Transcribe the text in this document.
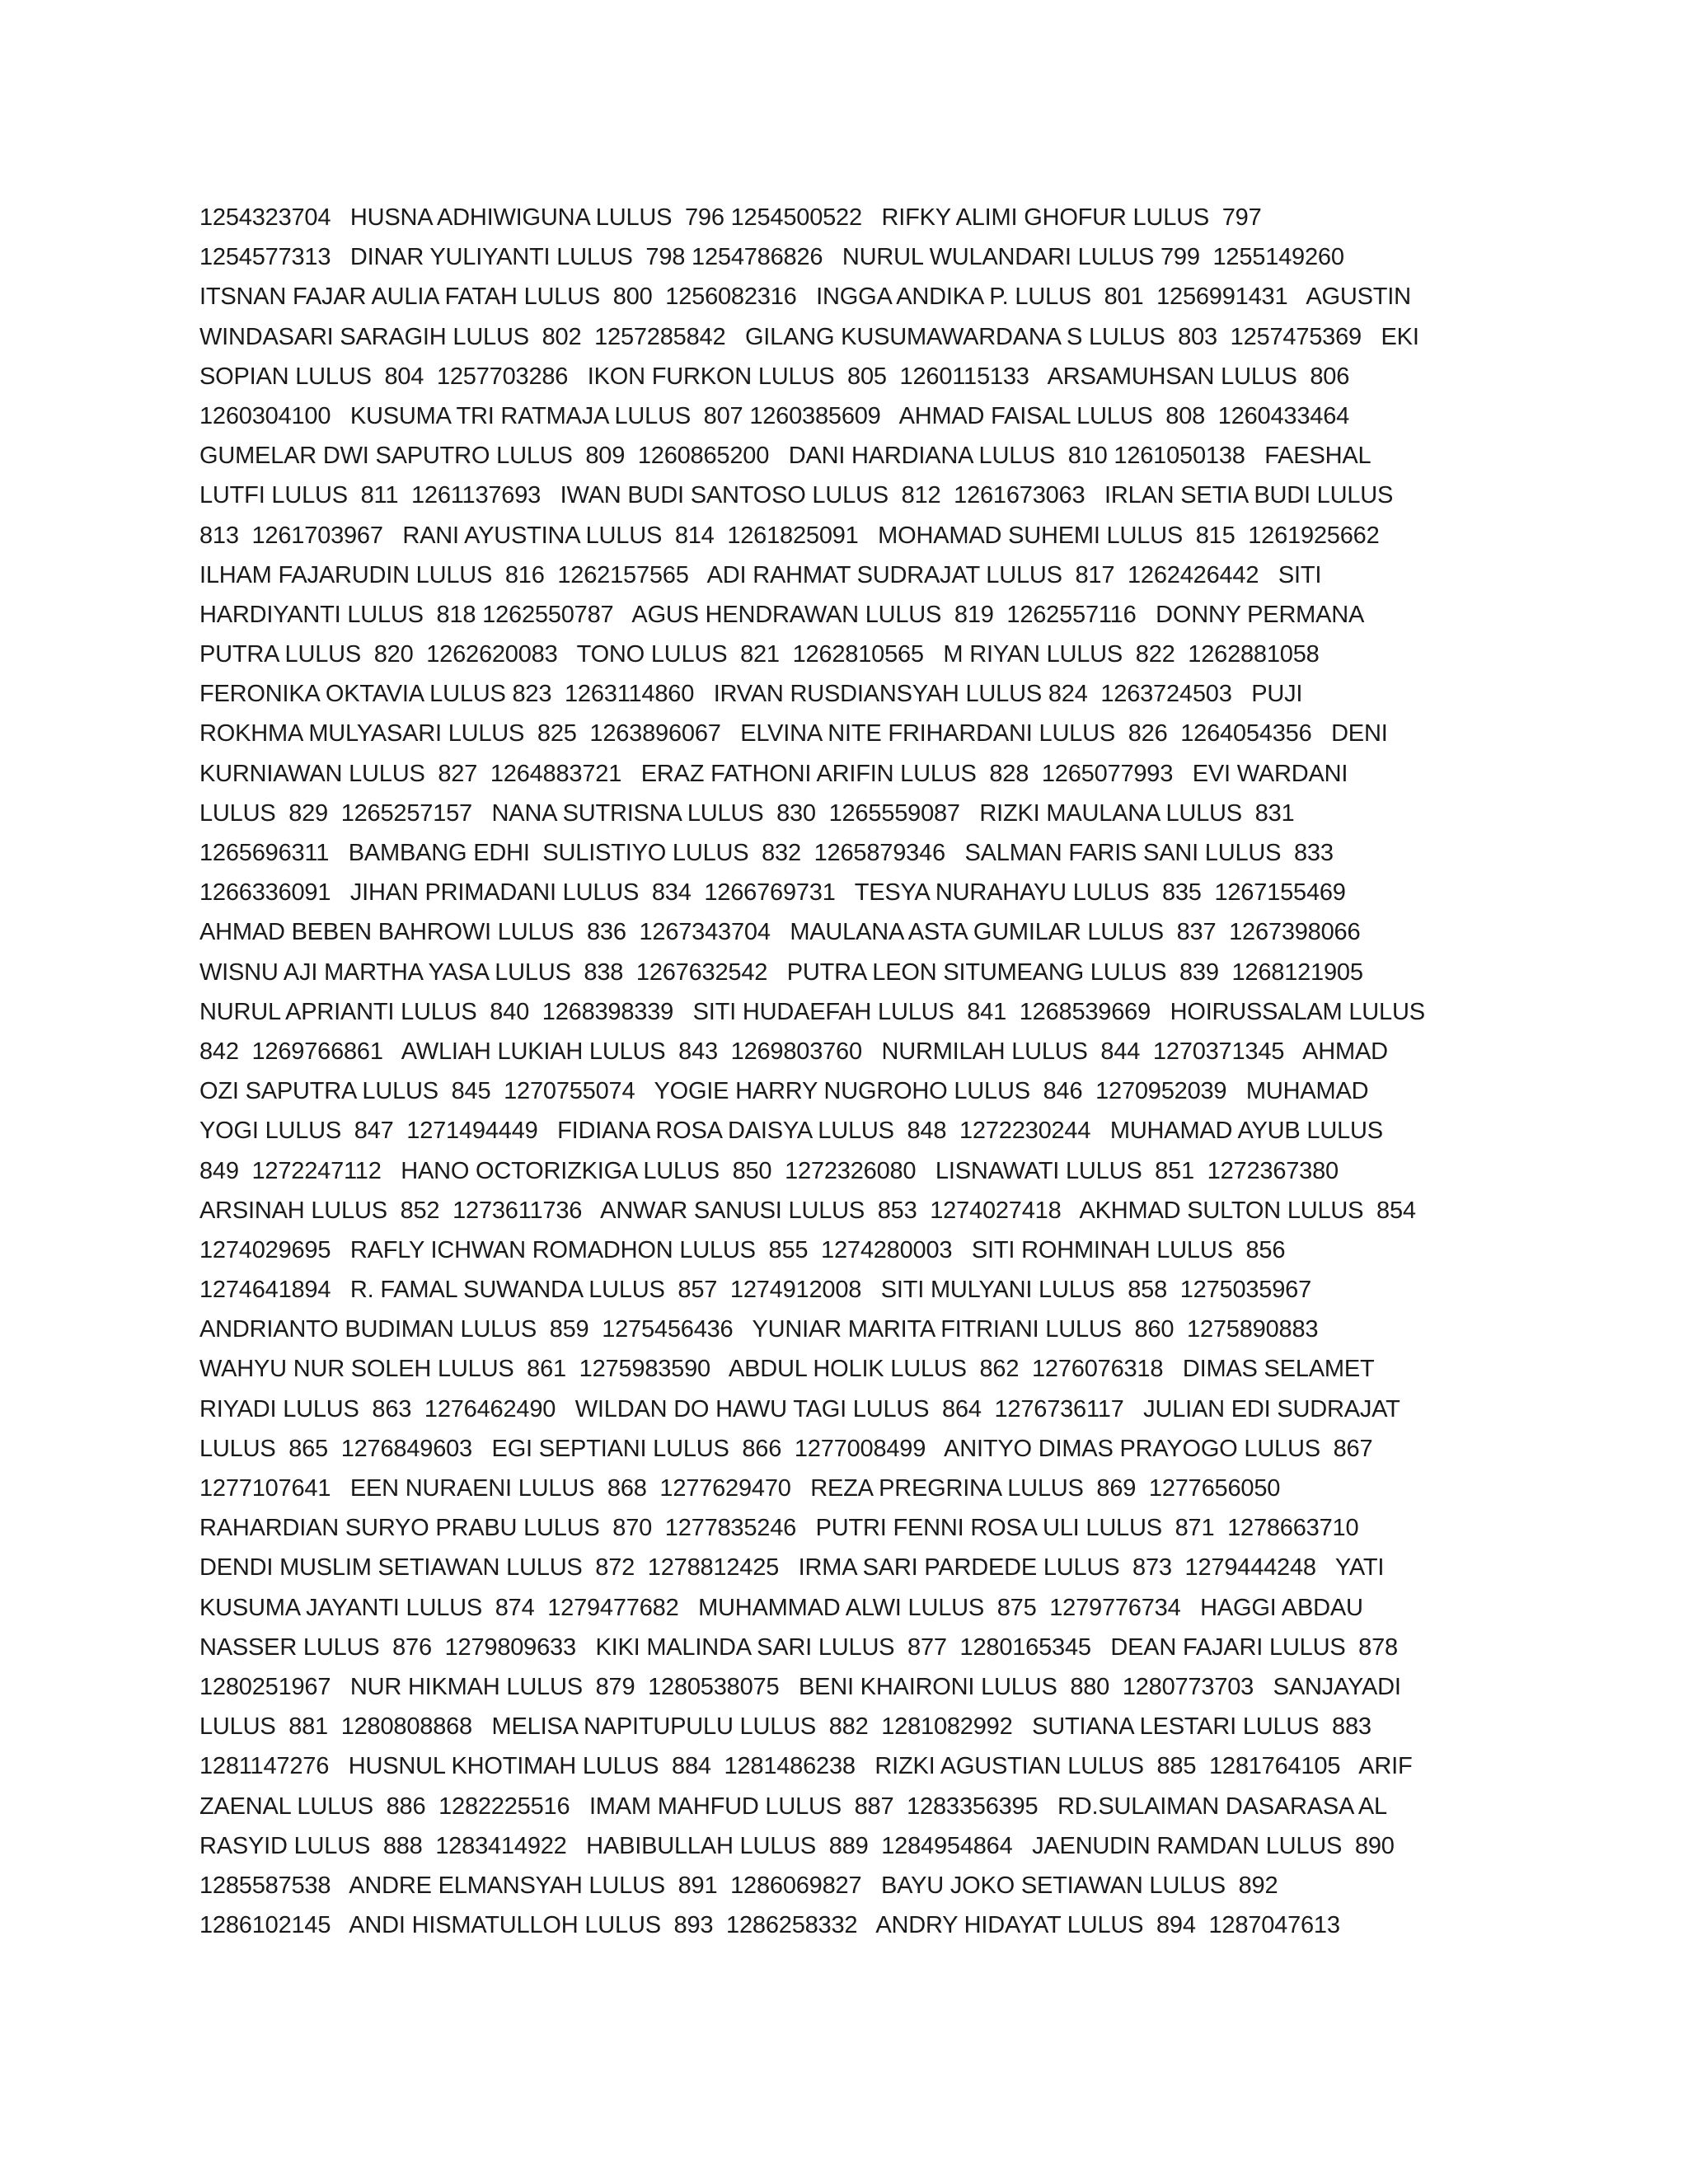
1254323704   HUSNA ADHIWIGUNA LULUS  796 1254500522   RIFKY ALIMI GHOFUR LULUS  797
1254577313   DINAR YULIYANTI LULUS  798 1254786826   NURUL WULANDARI LULUS 799  1255149260
ITSNAN FAJAR AULIA FATAH LULUS  800  1256082316   INGGA ANDIKA P. LULUS  801  1256991431   AGUSTIN
WINDASARI SARAGIH LULUS  802  1257285842   GILANG KUSUMAWARDANA S LULUS  803  1257475369   EKI
SOPIAN LULUS  804  1257703286   IKON FURKON LULUS  805  1260115133   ARSAMUHSAN LULUS  806
1260304100   KUSUMA TRI RATMAJA LULUS  807 1260385609   AHMAD FAISAL LULUS  808  1260433464
GUMELAR DWI SAPUTRO LULUS  809  1260865200   DANI HARDIANA LULUS  810 1261050138   FAESHAL
LUTFI LULUS  811  1261137693   IWAN BUDI SANTOSO LULUS  812  1261673063   IRLAN SETIA BUDI LULUS
813  1261703967   RANI AYUSTINA LULUS  814  1261825091   MOHAMAD SUHEMI LULUS  815  1261925662
ILHAM FAJARUDIN LULUS  816  1262157565   ADI RAHMAT SUDRAJAT LULUS  817  1262426442   SITI
HARDIYANTI LULUS  818 1262550787   AGUS HENDRAWAN LULUS  819  1262557116   DONNY PERMANA
PUTRA LULUS  820  1262620083   TONO LULUS  821  1262810565   M RIYAN LULUS  822  1262881058
FERONIKA OKTAVIA LULUS 823  1263114860   IRVAN RUSDIANSYAH LULUS 824  1263724503   PUJI
ROKHMA MULYASARI LULUS  825  1263896067   ELVINA NITE FRIHARDANI LULUS  826  1264054356   DENI
KURNIAWAN LULUS  827  1264883721   ERAZ FATHONI ARIFIN LULUS  828  1265077993   EVI WARDANI
LULUS  829  1265257157   NANA SUTRISNA LULUS  830  1265559087   RIZKI MAULANA LULUS  831
1265696311   BAMBANG EDHI  SULISTIYO LULUS  832  1265879346   SALMAN FARIS SANI LULUS  833
1266336091   JIHAN PRIMADANI LULUS  834  1266769731   TESYA NURAHAYU LULUS  835  1267155469
AHMAD BEBEN BAHROWI LULUS  836  1267343704   MAULANA ASTA GUMILAR LULUS  837  1267398066
WISNU AJI MARTHA YASA LULUS  838  1267632542   PUTRA LEON SITUMEANG LULUS  839  1268121905
NURUL APRIANTI LULUS  840  1268398339   SITI HUDAEFAH LULUS  841  1268539669   HOIRUSSALAM LULUS
842  1269766861   AWLIAH LUKIAH LULUS  843  1269803760   NURMILAH LULUS  844  1270371345   AHMAD
OZI SAPUTRA LULUS  845  1270755074   YOGIE HARRY NUGROHO LULUS  846  1270952039   MUHAMAD
YOGI LULUS  847  1271494449   FIDIANA ROSA DAISYA LULUS  848  1272230244   MUHAMAD AYUB LULUS
849  1272247112   HANO OCTORIZKIGA LULUS  850  1272326080   LISNAWATI LULUS  851  1272367380
ARSINAH LULUS  852  1273611736   ANWAR SANUSI LULUS  853  1274027418   AKHMAD SULTON LULUS  854
1274029695   RAFLY ICHWAN ROMADHON LULUS  855  1274280003   SITI ROHMINAH LULUS  856
1274641894   R. FAMAL SUWANDA LULUS  857  1274912008   SITI MULYANI LULUS  858  1275035967
ANDRIANTO BUDIMAN LULUS  859  1275456436   YUNIAR MARITA FITRIANI LULUS  860  1275890883
WAHYU NUR SOLEH LULUS  861  1275983590   ABDUL HOLIK LULUS  862  1276076318   DIMAS SELAMET
RIYADI LULUS  863  1276462490   WILDAN DO HAWU TAGI LULUS  864  1276736117   JULIAN EDI SUDRAJAT
LULUS  865  1276849603   EGI SEPTIANI LULUS  866  1277008499   ANITYO DIMAS PRAYOGO LULUS  867
1277107641   EEN NURAENI LULUS  868  1277629470   REZA PREGRINA LULUS  869  1277656050
RAHARDIAN SURYO PRABU LULUS  870  1277835246   PUTRI FENNI ROSA ULI LULUS  871  1278663710
DENDI MUSLIM SETIAWAN LULUS  872  1278812425   IRMA SARI PARDEDE LULUS  873  1279444248   YATI
KUSUMA JAYANTI LULUS  874  1279477682   MUHAMMAD ALWI LULUS  875  1279776734   HAGGI ABDAU
NASSER LULUS  876  1279809633   KIKI MALINDA SARI LULUS  877  1280165345   DEAN FAJARI LULUS  878
1280251967   NUR HIKMAH LULUS  879  1280538075   BENI KHAIRONI LULUS  880  1280773703   SANJAYADI
LULUS  881  1280808868   MELISA NAPITUPULU LULUS  882  1281082992   SUTIANA LESTARI LULUS  883
1281147276   HUSNUL KHOTIMAH LULUS  884  1281486238   RIZKI AGUSTIAN LULUS  885  1281764105   ARIF
ZAENAL LULUS  886  1282225516   IMAM MAHFUD LULUS  887  1283356395   RD.SULAIMAN DASARASA AL
RASYID LULUS  888  1283414922   HABIBULLAH LULUS  889  1284954864   JAENUDIN RAMDAN LULUS  890
1285587538   ANDRE ELMANSYAH LULUS  891  1286069827   BAYU JOKO SETIAWAN LULUS  892
1286102145   ANDI HISMATULLOH LULUS  893  1286258332   ANDRY HIDAYAT LULUS  894  1287047613
